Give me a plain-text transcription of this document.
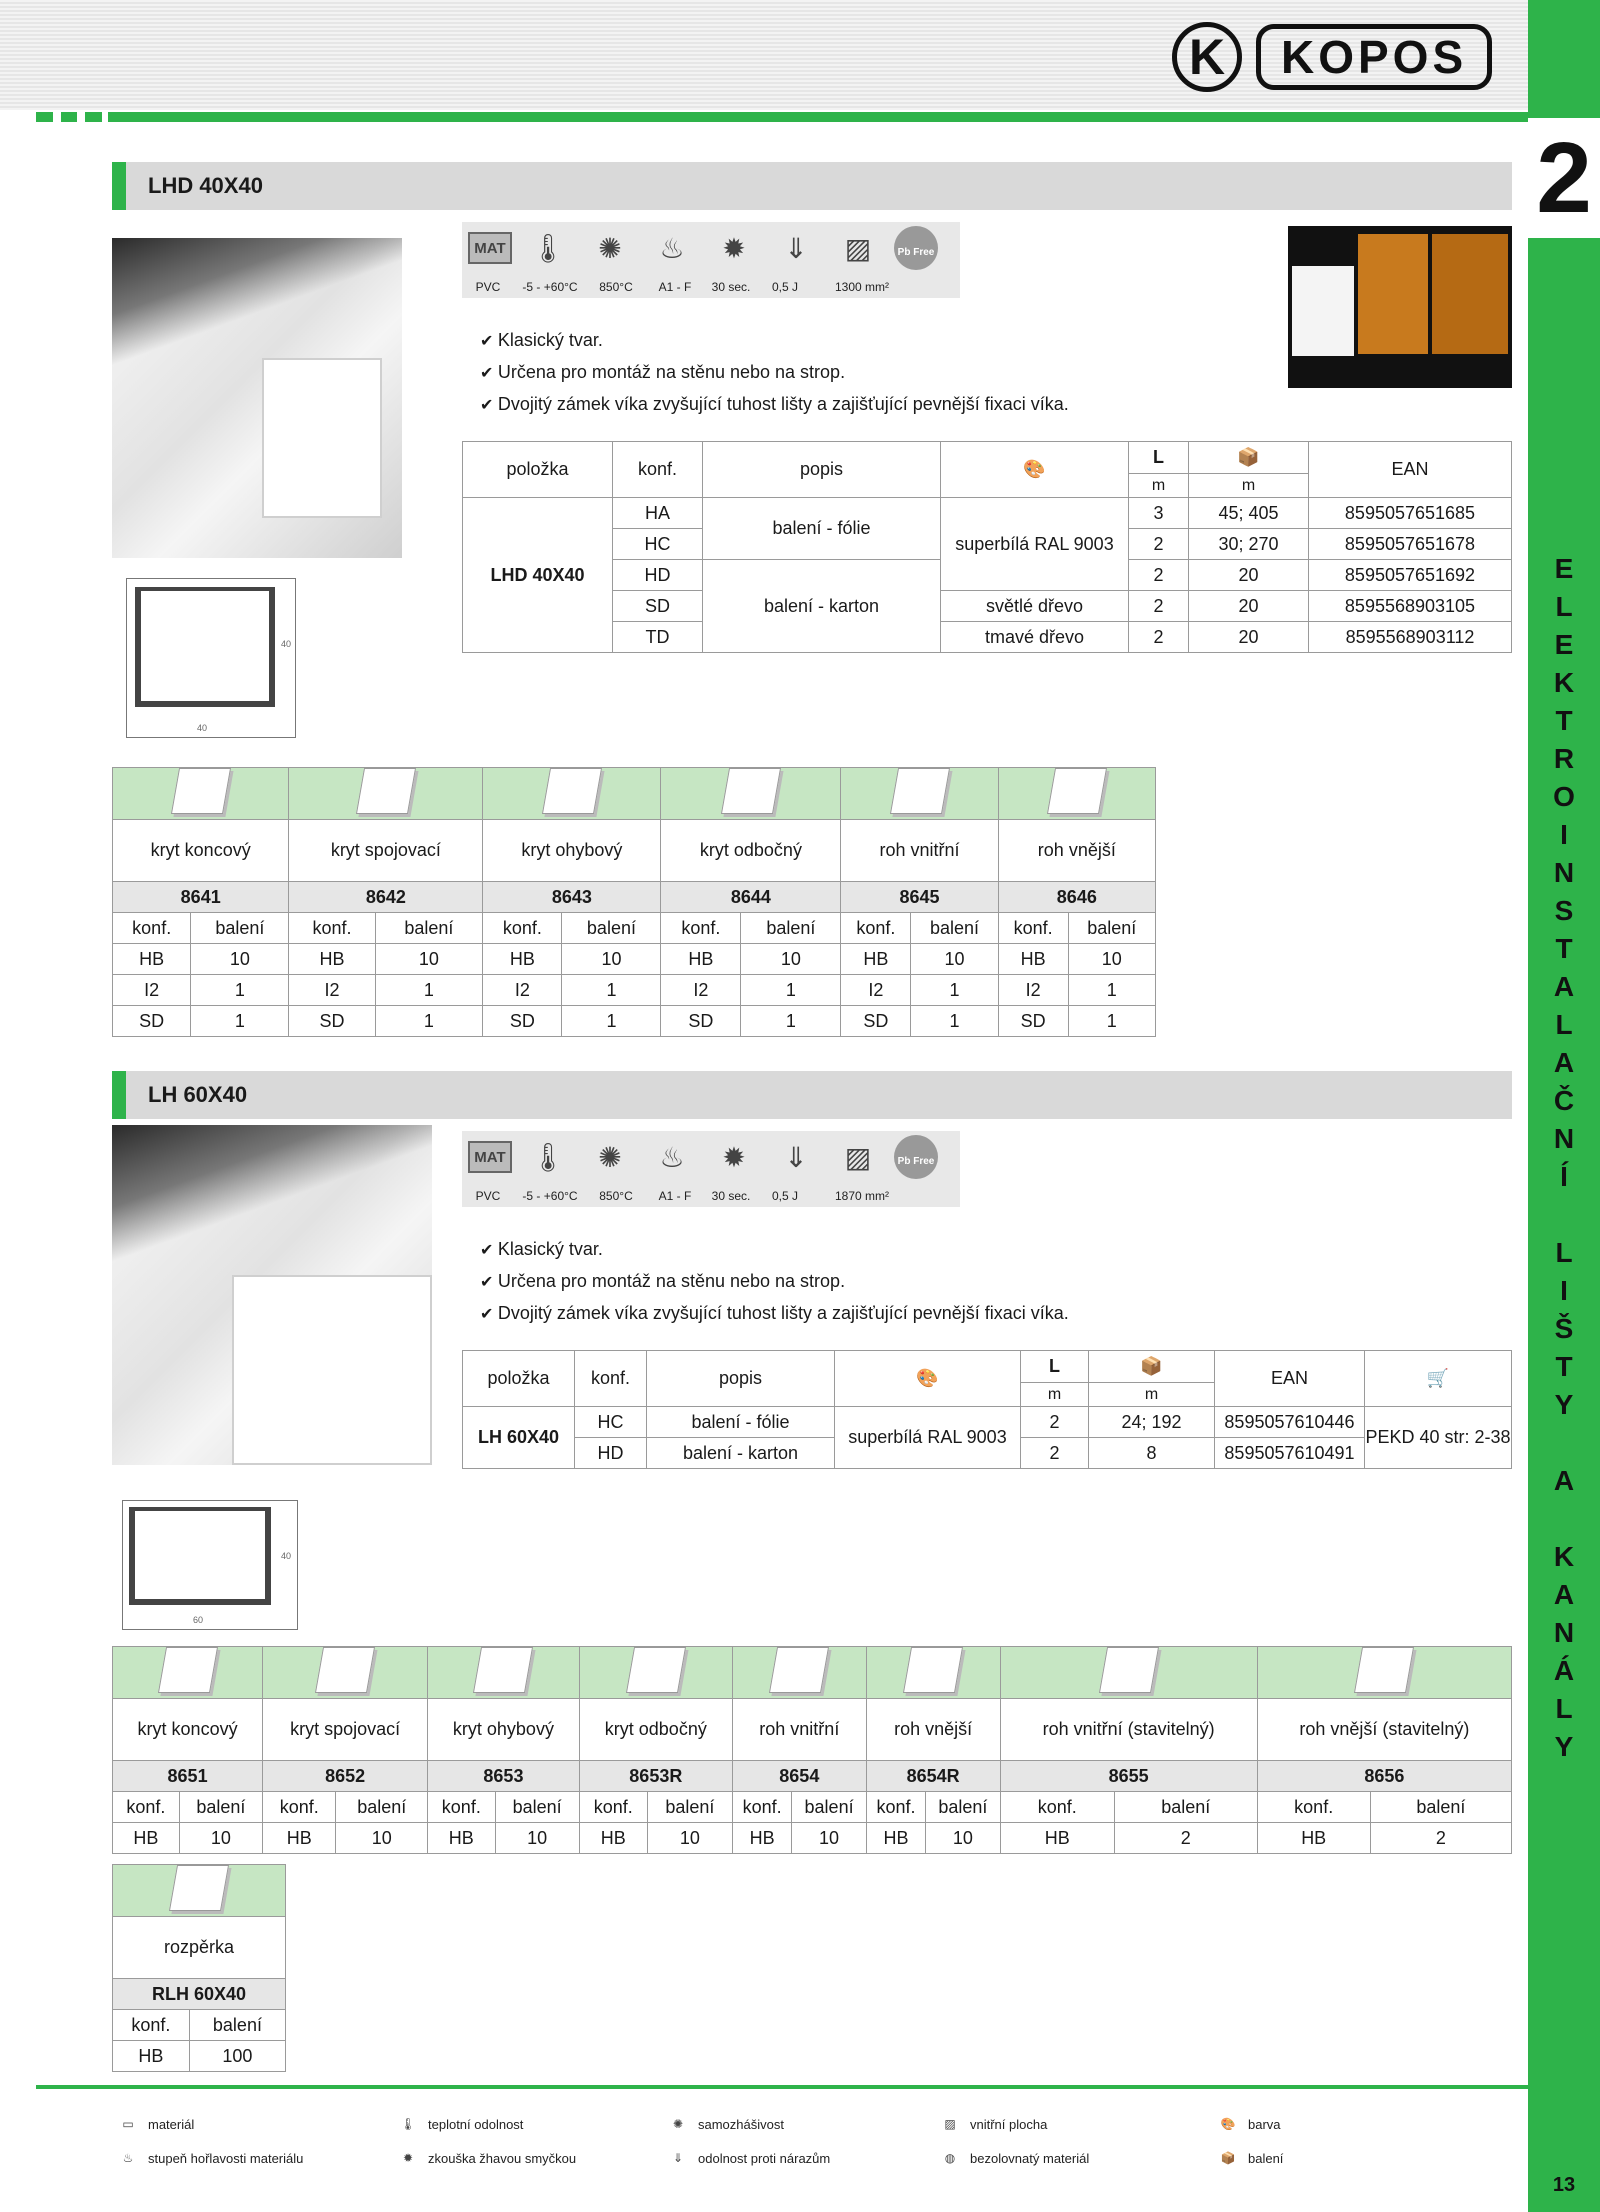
K	KOPOS
2
E
L
E
K
T
R
O
I
N
S
T
A
L
A
Č
N
Í
L
I
Š
T
Y
A
K
A
N
Á
L
Y
13
LHD 40X40
40
40
MAT 🌡	✺	♨	✹	⇓	▨	Pb Free
PVC	-5 - +60°C	850°C	A1 - F	30 sec.	0,5 J	1300 mm²
✔ Klasický tvar.
✔ Určena pro montáž na stěnu nebo na strop.
✔ Dvojitý zámek víka zvyšující tuhost lišty a zajišťující pevnější fixaci víka.
položka	konf.	popis	🎨	L	📦	EAN
				m	m	
LHD 40X40	HA	balení - fólie	superbílá RAL 9003	3	45; 405	8595057651685
	HC			2	30; 270	8595057651678
	HD	balení - karton		2	20	8595057651692
	SD		světlé dřevo	2	20	8595568903105
	TD		tmavé dřevo	2	20	8595568903112

kryt koncový		kryt spojovací		kryt ohybový		kryt odbočný		roh vnitřní		roh vnější	
8641		8642		8643		8644		8645		8646	
konf.	balení	konf.	balení	konf.	balení	konf.	balení	konf.	balení	konf.	balení
HB	10	HB	10	HB	10	HB	10	HB	10	HB	10
I2	1	I2	1	I2	1	I2	1	I2	1	I2	1
SD	1	SD	1	SD	1	SD	1	SD	1	SD	1
LH 60X40
60
40
MAT 🌡	✺	♨	✹	⇓	▨	Pb Free
PVC	-5 - +60°C	850°C	A1 - F	30 sec.	0,5 J	1870 mm²
✔ Klasický tvar.
✔ Určena pro montáž na stěnu nebo na strop.
✔ Dvojitý zámek víka zvyšující tuhost lišty a zajišťující pevnější fixaci víka.
položka	konf.	popis	🎨	L	📦	EAN	🛒
				m	m		
LH 60X40	HC	balení - fólie	superbílá RAL 9003	2	24; 192	8595057610446	PEKD 40 str: 2-38
	HD	balení - karton		2	8	8595057610491	

kryt koncový		kryt spojovací		kryt ohybový		kryt odbočný		roh vnitřní		roh vnější		roh vnitřní (stavitelný)		roh vnější (stavitelný)	
8651		8652		8653		8653R		8654		8654R		8655		8656	
konf.	balení	konf.	balení	konf.	balení	konf.	balení	konf.	balení	konf.	balení	konf.	balení	konf.	balení
HB	10	HB	10	HB	10	HB	10	HB	10	HB	10	HB	2	HB	2

rozpěrka	
RLH 60X40	
konf.	balení
HB	100
▭	materiál	🌡 teplotní odolnost	✺	samozhášivost	▨	vnitřní plocha	🎨 barva
♨	stupeň hořlavosti materiálu	✹	zkouška žhavou smyčkou	⇓	odolnost proti nárazům	◍	bezolovnatý materiál	📦 balení
